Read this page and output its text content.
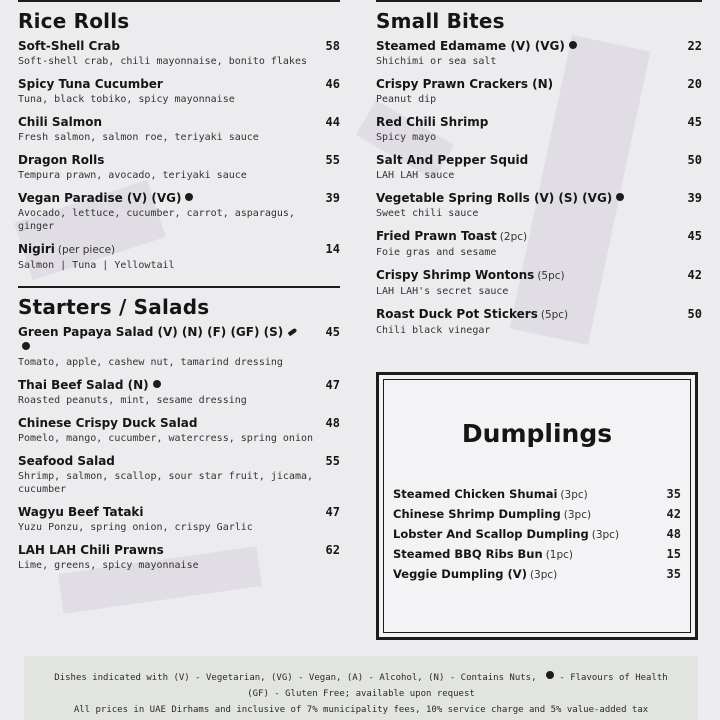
Rice Rolls
Soft-Shell Crab	58
Soft-shell crab, chili mayonnaise, bonito flakes
Spicy Tuna Cucumber	46
Tuna, black tobiko, spicy mayonnaise
Chili Salmon	44
Fresh salmon, salmon roe, teriyaki sauce
Dragon Rolls	55
Tempura prawn, avocado, teriyaki sauce
Vegan Paradise (V) (VG)	39
Avocado, lettuce, cucumber, carrot, asparagus, ginger
Nigiri (per piece)	14
Salmon | Tuna | Yellowtail
Starters / Salads
Green Papaya Salad (V) (N) (F) (GF) (S)	45
Tomato, apple, cashew nut, tamarind dressing
Thai Beef Salad (N)	47
Roasted peanuts, mint, sesame dressing
Chinese Crispy Duck Salad	48
Pomelo, mango, cucumber, watercress, spring onion
Seafood Salad	55
Shrimp, salmon, scallop, sour star fruit, jicama, cucumber
Wagyu Beef Tataki	47
Yuzu Ponzu, spring onion, crispy Garlic
LAH LAH Chili Prawns	62
Lime, greens, spicy mayonnaise
Small Bites
Steamed Edamame (V) (VG)	22
Shichimi or sea salt
Crispy Prawn Crackers (N)	20
Peanut dip
Red Chili Shrimp	45
Spicy mayo
Salt And Pepper Squid	50
LAH LAH sauce
Vegetable Spring Rolls (V) (S) (VG)	39
Sweet chili sauce
Fried Prawn Toast (2pc)	45
Foie gras and sesame
Crispy Shrimp Wontons (5pc)	42
LAH LAH's secret sauce
Roast Duck Pot Stickers (5pc)	50
Chili black vinegar
Dumplings
Steamed Chicken Shumai (3pc)	35
Chinese Shrimp Dumpling (3pc)	42
Lobster And Scallop Dumpling (3pc)	48
Steamed BBQ Ribs Bun (1pc)	15
Veggie Dumpling (V) (3pc)	35
Dishes indicated with (V) - Vegetarian, (VG) - Vegan, (A) - Alcohol, (N) - Contains Nuts,	- Flavours of Health
(GF) - Gluten Free; available upon request
All prices in UAE Dirhams and inclusive of 7% municipality fees, 10% service charge and 5% value-added tax
